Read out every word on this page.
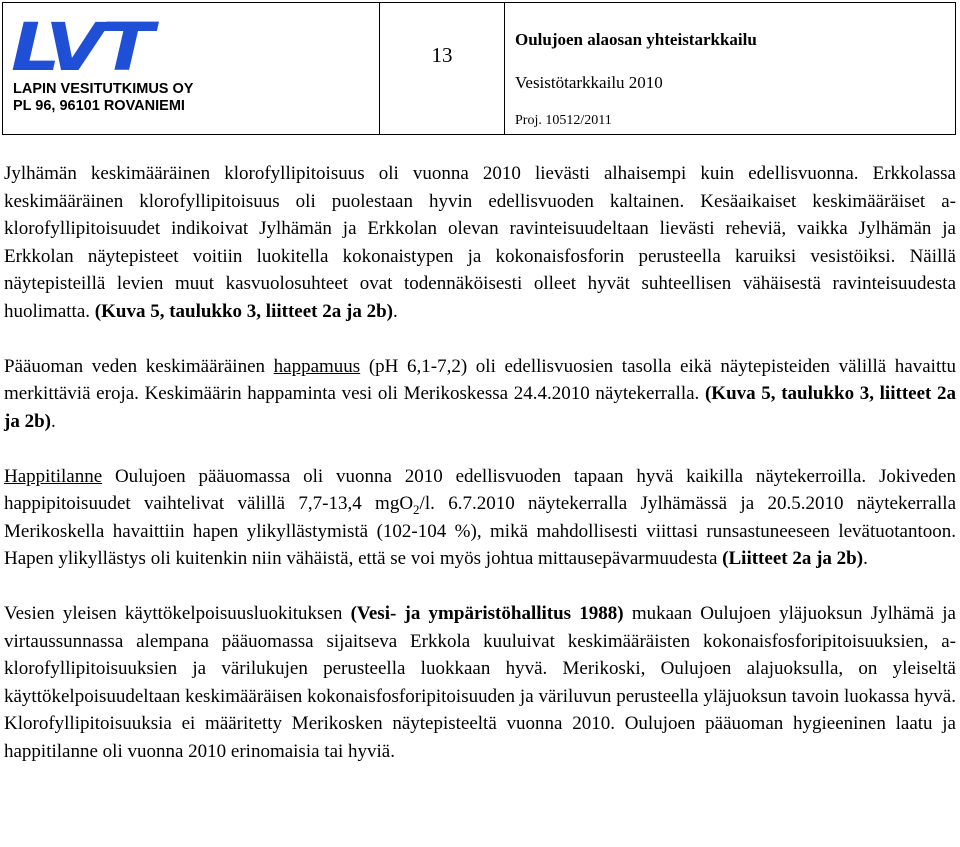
LVT
LAPIN VESITUTKIMUS OY
PL 96, 96101 ROVANIEMI
13
Oulujoen alaosan yhteistarkkailu
Vesistötarkkailu 2010
Proj. 10512/2011

Jylhämän keskimääräinen klorofyllipitoisuus oli vuonna 2010 lievästi alhaisempi kuin edellisvuonna. Erkkolassa keskimääräinen klorofyllipitoisuus oli puolestaan hyvin edellisvuoden kaltainen. Kesäaikaiset keskimääräiset a-klorofyllipitoisuudet indikoivat Jylhämän ja Erkkolan olevan ravinteisuudeltaan lievästi reheviä, vaikka Jylhämän ja Erkkolan näytepisteet voitiin luokitella kokonaistypen ja kokonaisfosforin perusteella karuiksi vesistöiksi. Näillä näytepisteillä levien muut kasvuolosuhteet ovat todennäköisesti olleet hyvät suhteellisen vähäisestä ravinteisuudesta huolimatta. (Kuva 5, taulukko 3, liitteet 2a ja 2b).

Pääuoman veden keskimääräinen happamuus (pH 6,1-7,2) oli edellisvuosien tasolla eikä näytepisteiden välillä havaittu merkittäviä eroja. Keskimäärin happaminta vesi oli Merikoskessa 24.4.2010 näytekerralla. (Kuva 5, taulukko 3, liitteet 2a ja 2b).

Happitilanne Oulujoen pääuomassa oli vuonna 2010 edellisvuoden tapaan hyvä kaikilla näytekerroilla. Jokiveden happipitoisuudet vaihtelivat välillä 7,7-13,4 mgO$_2$/l. 6.7.2010 näytekerralla Jylhämässä ja 20.5.2010 näytekerralla Merikoskella havaittiin hapen ylikyllästymistä (102-104 %), mikä mahdollisesti viittasi runsastuneeseen levätuotantoon. Hapen ylikyllästys oli kuitenkin niin vähäistä, että se voi myös johtua mittausepävarmuudesta (Liitteet 2a ja 2b).

Vesien yleisen käyttökelpoisuusluokituksen (Vesi- ja ympäristöhallitus 1988) mukaan Oulujoen yläjuoksun Jylhämä ja virtaussunnassa alempana pääuomassa sijaitseva Erkkola kuuluivat keskimääräisten kokonaisfosforipitoisuuksien, a-klorofyllipitoisuuksien ja värilukujen perusteella luokkaan hyvä. Merikoski, Oulujoen alajuoksulla, on yleiseltä käyttökelpoisuudeltaan keskimääräisen kokonaisfosforipitoisuuden ja väriluvun perusteella yläjuoksun tavoin luokassa hyvä. Klorofyllipitoisuuksia ei määritetty Merikosken näytepisteeltä vuonna 2010. Oulujoen pääuoman hygieeninen laatu ja happitilanne oli vuonna 2010 erinomaisia tai hyviä.
